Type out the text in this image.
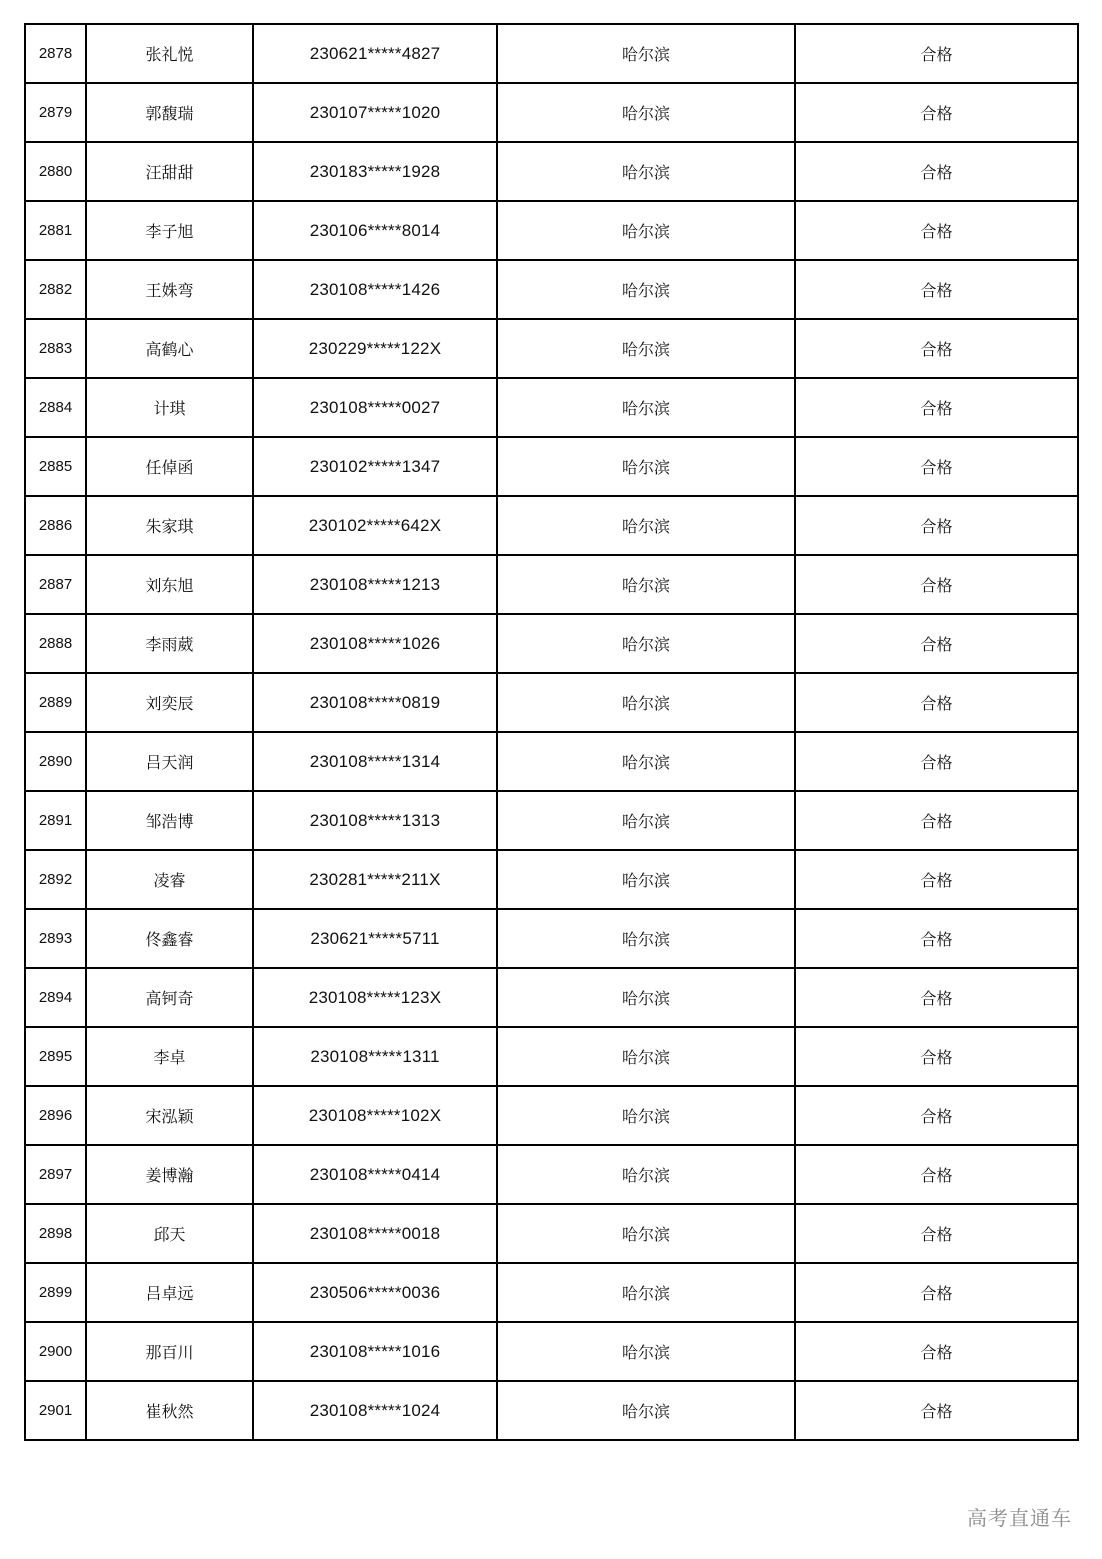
2878	张礼悦	230621*****4827	哈尔滨	合格
2879	郭馥瑞	230107*****1020	哈尔滨	合格
2880	汪甜甜	230183*****1928	哈尔滨	合格
2881	李子旭	230106*****8014	哈尔滨	合格
2882	王姝弯	230108*****1426	哈尔滨	合格
2883	高鹤心	230229*****122X	哈尔滨	合格
2884	计琪	230108*****0027	哈尔滨	合格
2885	任倬函	230102*****1347	哈尔滨	合格
2886	朱家琪	230102*****642X	哈尔滨	合格
2887	刘东旭	230108*****1213	哈尔滨	合格
2888	李雨葳	230108*****1026	哈尔滨	合格
2889	刘奕辰	230108*****0819	哈尔滨	合格
2890	吕天润	230108*****1314	哈尔滨	合格
2891	邹浩博	230108*****1313	哈尔滨	合格
2892	凌睿	230281*****211X	哈尔滨	合格
2893	佟鑫睿	230621*****5711	哈尔滨	合格
2894	高钶奇	230108*****123X	哈尔滨	合格
2895	李卓	230108*****1311	哈尔滨	合格
2896	宋泓颖	230108*****102X	哈尔滨	合格
2897	姜博瀚	230108*****0414	哈尔滨	合格
2898	邱天	230108*****0018	哈尔滨	合格
2899	吕卓远	230506*****0036	哈尔滨	合格
2900	那百川	230108*****1016	哈尔滨	合格
2901	崔秋然	230108*****1024	哈尔滨	合格
高考直通车
